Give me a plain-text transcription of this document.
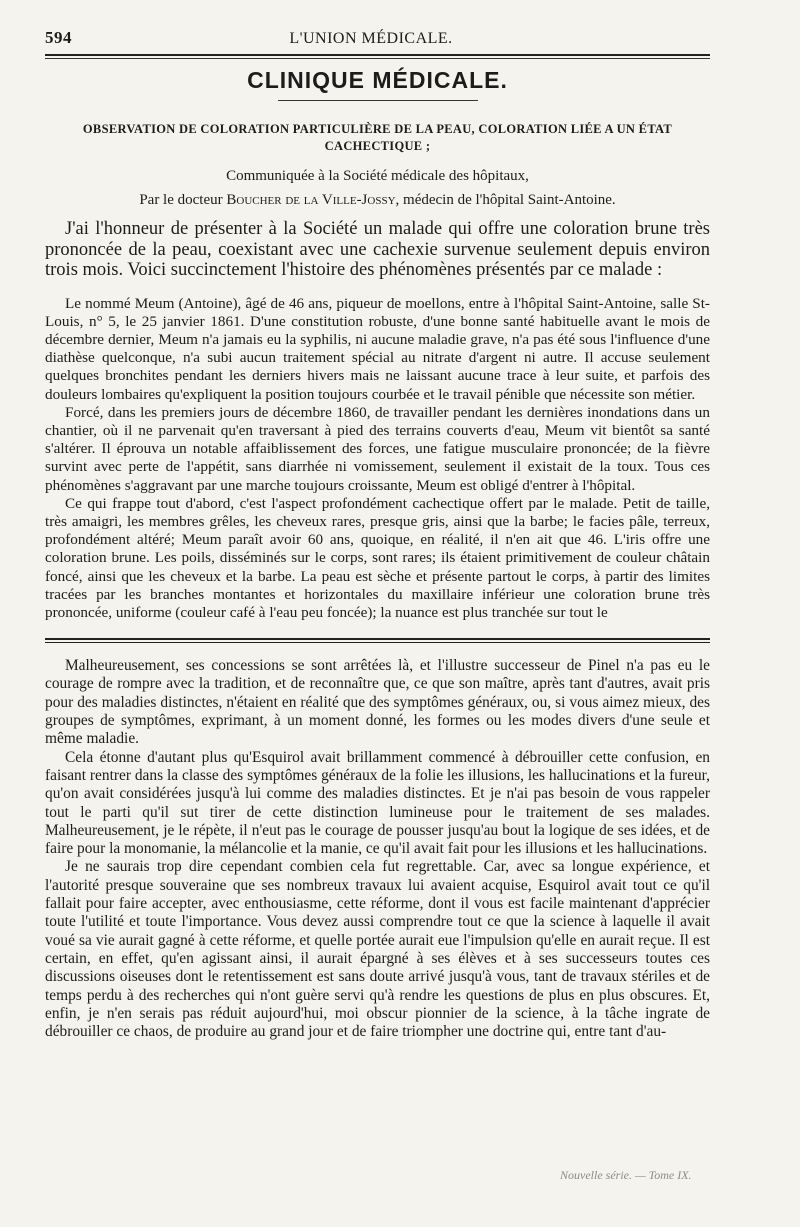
594	L'UNION MÉDICALE.
CLINIQUE MÉDICALE.
OBSERVATION DE COLORATION PARTICULIÈRE DE LA PEAU, COLORATION LIÉE A UN ÉTAT CACHECTIQUE ;
Communiquée à la Société médicale des hôpitaux,
Par le docteur Boucher de la Ville-Jossy, médecin de l'hôpital Saint-Antoine.

J'ai l'honneur de présenter à la Société un malade qui offre une coloration brune très prononcée de la peau, coexistant avec une cachexie survenue seulement depuis environ trois mois. Voici succinctement l'histoire des phénomènes présentés par ce malade :

Le nommé Meum (Antoine), âgé de 46 ans, piqueur de moellons, entre à l'hôpital Saint-Antoine, salle St-Louis, n° 5, le 25 janvier 1861. D'une constitution robuste, d'une bonne santé habituelle avant le mois de décembre dernier, Meum n'a jamais eu la syphilis, ni aucune maladie grave, n'a pas été sous l'influence d'une diathèse quelconque, n'a subi aucun traitement spécial au nitrate d'argent ni autre. Il accuse seulement quelques bronchites pendant les derniers hivers mais ne laissant aucune trace à leur suite, et parfois des douleurs lombaires qu'expliquent la position toujours courbée et le travail pénible que nécessite son métier.

Forcé, dans les premiers jours de décembre 1860, de travailler pendant les dernières inondations dans un chantier, où il ne parvenait qu'en traversant à pied des terrains couverts d'eau, Meum vit bientôt sa santé s'altérer. Il éprouva un notable affaiblissement des forces, une fatigue musculaire prononcée; de la fièvre survint avec perte de l'appétit, sans diarrhée ni vomissement, seulement il existait de la toux. Tous ces phénomènes s'aggravant par une marche toujours croissante, Meum est obligé d'entrer à l'hôpital.

Ce qui frappe tout d'abord, c'est l'aspect profondément cachectique offert par le malade. Petit de taille, très amaigri, les membres grêles, les cheveux rares, presque gris, ainsi que la barbe; le facies pâle, terreux, profondément altéré; Meum paraît avoir 60 ans, quoique, en réalité, il n'en ait que 46. L'iris offre une coloration brune. Les poils, disséminés sur le corps, sont rares; ils étaient primitivement de couleur châtain foncé, ainsi que les cheveux et la barbe. La peau est sèche et présente partout le corps, à partir des limites tracées par les branches montantes et horizontales du maxillaire inférieur une coloration brune très prononcée, uniforme (couleur café à l'eau peu foncée); la nuance est plus tranchée sur tout le

Malheureusement, ses concessions se sont arrêtées là, et l'illustre successeur de Pinel n'a pas eu le courage de rompre avec la tradition, et de reconnaître que, ce que son maître, après tant d'autres, avait pris pour des maladies distinctes, n'étaient en réalité que des symptômes généraux, ou, si vous aimez mieux, des groupes de symptômes, exprimant, à un moment donné, les formes ou les modes divers d'une seule et même maladie.

Cela étonne d'autant plus qu'Esquirol avait brillamment commencé à débrouiller cette confusion, en faisant rentrer dans la classe des symptômes généraux de la folie les illusions, les hallucinations et la fureur, qu'on avait considérées jusqu'à lui comme des maladies distinctes. Et je n'ai pas besoin de vous rappeler tout le parti qu'il sut tirer de cette distinction lumineuse pour le traitement de ses malades. Malheureusement, je le répète, il n'eut pas le courage de pousser jusqu'au bout la logique de ses idées, et de faire pour la monomanie, la mélancolie et la manie, ce qu'il avait fait pour les illusions et les hallucinations.

Je ne saurais trop dire cependant combien cela fut regrettable. Car, avec sa longue expérience, et l'autorité presque souveraine que ses nombreux travaux lui avaient acquise, Esquirol avait tout ce qu'il fallait pour faire accepter, avec enthousiasme, cette réforme, dont il vous est facile maintenant d'apprécier toute l'utilité et toute l'importance. Vous devez aussi comprendre tout ce que la science à laquelle il avait voué sa vie aurait gagné à cette réforme, et quelle portée aurait eue l'impulsion qu'elle en aurait reçue. Il est certain, en effet, qu'en agissant ainsi, il aurait épargné à ses élèves et à ses successeurs toutes ces discussions oiseuses dont le retentissement est sans doute arrivé jusqu'à vous, tant de travaux stériles et de temps perdu à des recherches qui n'ont guère servi qu'à rendre les questions de plus en plus obscures. Et, enfin, je n'en serais pas réduit aujourd'hui, moi obscur pionnier de la science, à la tâche ingrate de débrouiller ce chaos, de produire au grand jour et de faire triompher une doctrine qui, entre tant d'au-

Nouvelle série. — Tome IX.
